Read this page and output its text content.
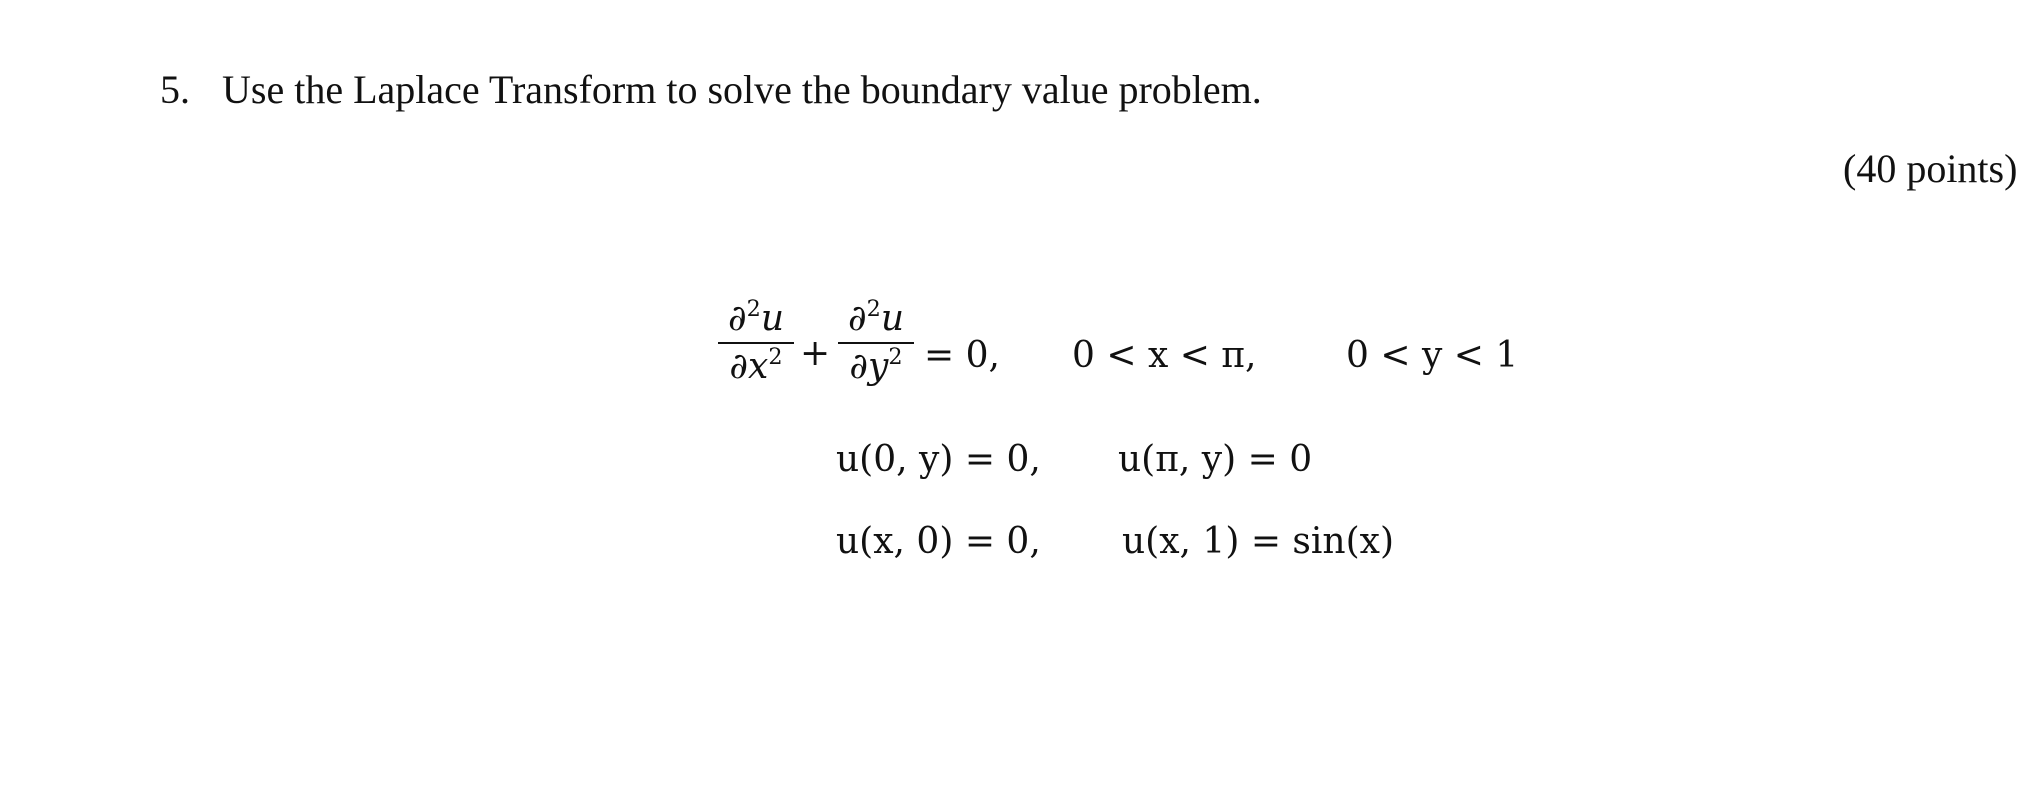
5. Use the Laplace Transform to solve the boundary value problem.
(40 points)
∂$^2$u
$\partial x^2$ +
∂$^2$u
$\partial y^2 = 0$, 0 < x < π, 0 < y < 1
u(0, y) = 0, u(π, y) = 0
u(x, 0) = 0, u(x, 1) = sin(x)
